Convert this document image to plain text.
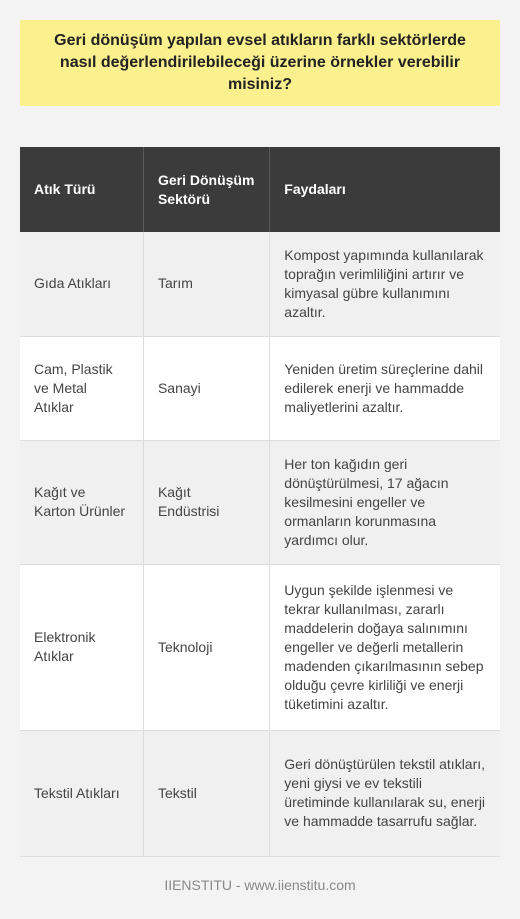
Geri dönüşüm yapılan evsel atıkların farklı sektörlerde nasıl değerlendirilebileceği üzerine örnekler verebilir misiniz?
Atık Türü	Geri Dönüşüm Sektörü	Faydaları
Gıda Atıkları	Tarım	Kompost yapımında kullanılarak toprağın verimliliğini artırır ve kimyasal gübre kullanımını azaltır.
Cam, Plastik ve Metal Atıklar	Sanayi	Yeniden üretim süreçlerine dahil edilerek enerji ve hammadde maliyetlerini azaltır.
Kağıt ve Karton Ürünler	Kağıt Endüstrisi	Her ton kağıdın geri dönüştürülmesi, 17 ağacın kesilmesini engeller ve ormanların korunmasına yardımcı olur.
Elektronik Atıklar	Teknoloji	Uygun şekilde işlenmesi ve tekrar kullanılması, zararlı maddelerin doğaya salınımını engeller ve değerli metallerin madenden çıkarılmasının sebep olduğu çevre kirliliği ve enerji tüketimini azaltır.
Tekstil Atıkları	Tekstil	Geri dönüştürülen tekstil atıkları, yeni giysi ve ev tekstili üretiminde kullanılarak su, enerji ve hammadde tasarrufu sağlar.
IIENSTITU - www.iienstitu.com
